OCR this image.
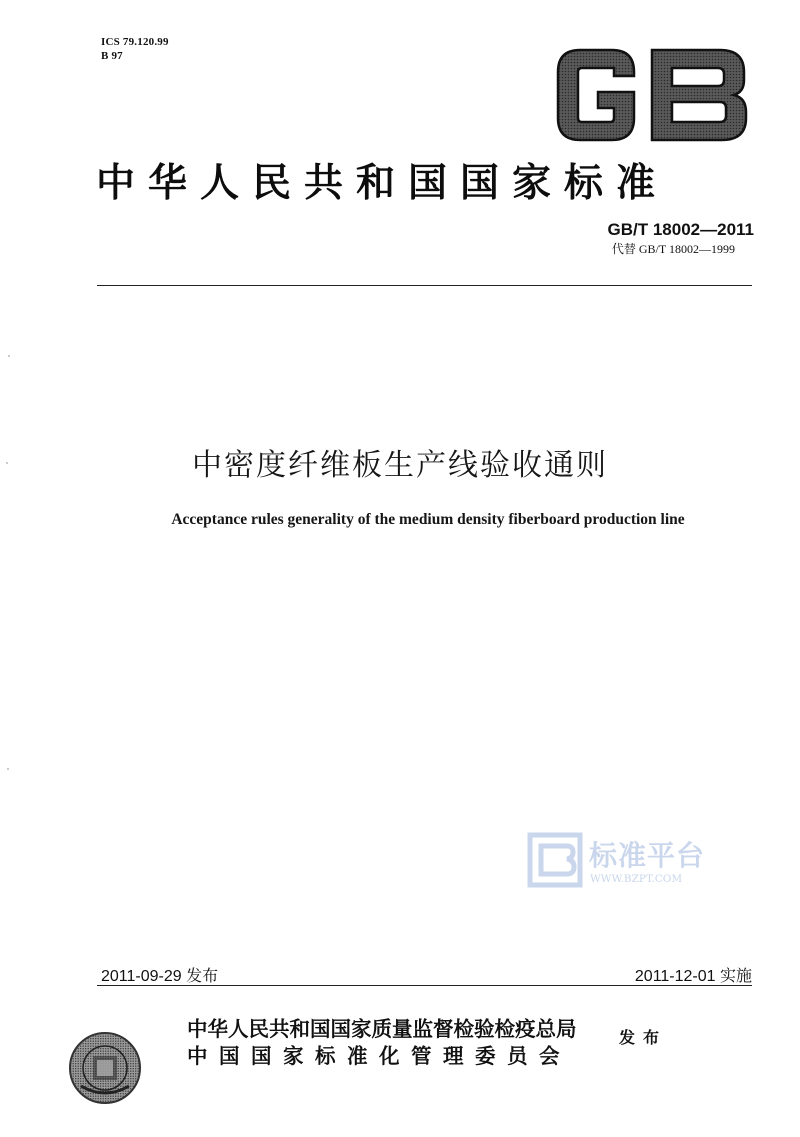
ICS 79.120.99
B 97
GB
中华人民共和国国家标准
GB/T 18002—2011
代替 GB/T 18002—1999
中密度纤维板生产线验收通则
Acceptance rules generality of the medium density fiberboard production line
标准平台
WWW.BZPT.COM
2011-09-29 发布	2011-12-01 实施
中华人民共和国国家质量监督检验检疫总局
中国国家标准化管理委员会
发布
